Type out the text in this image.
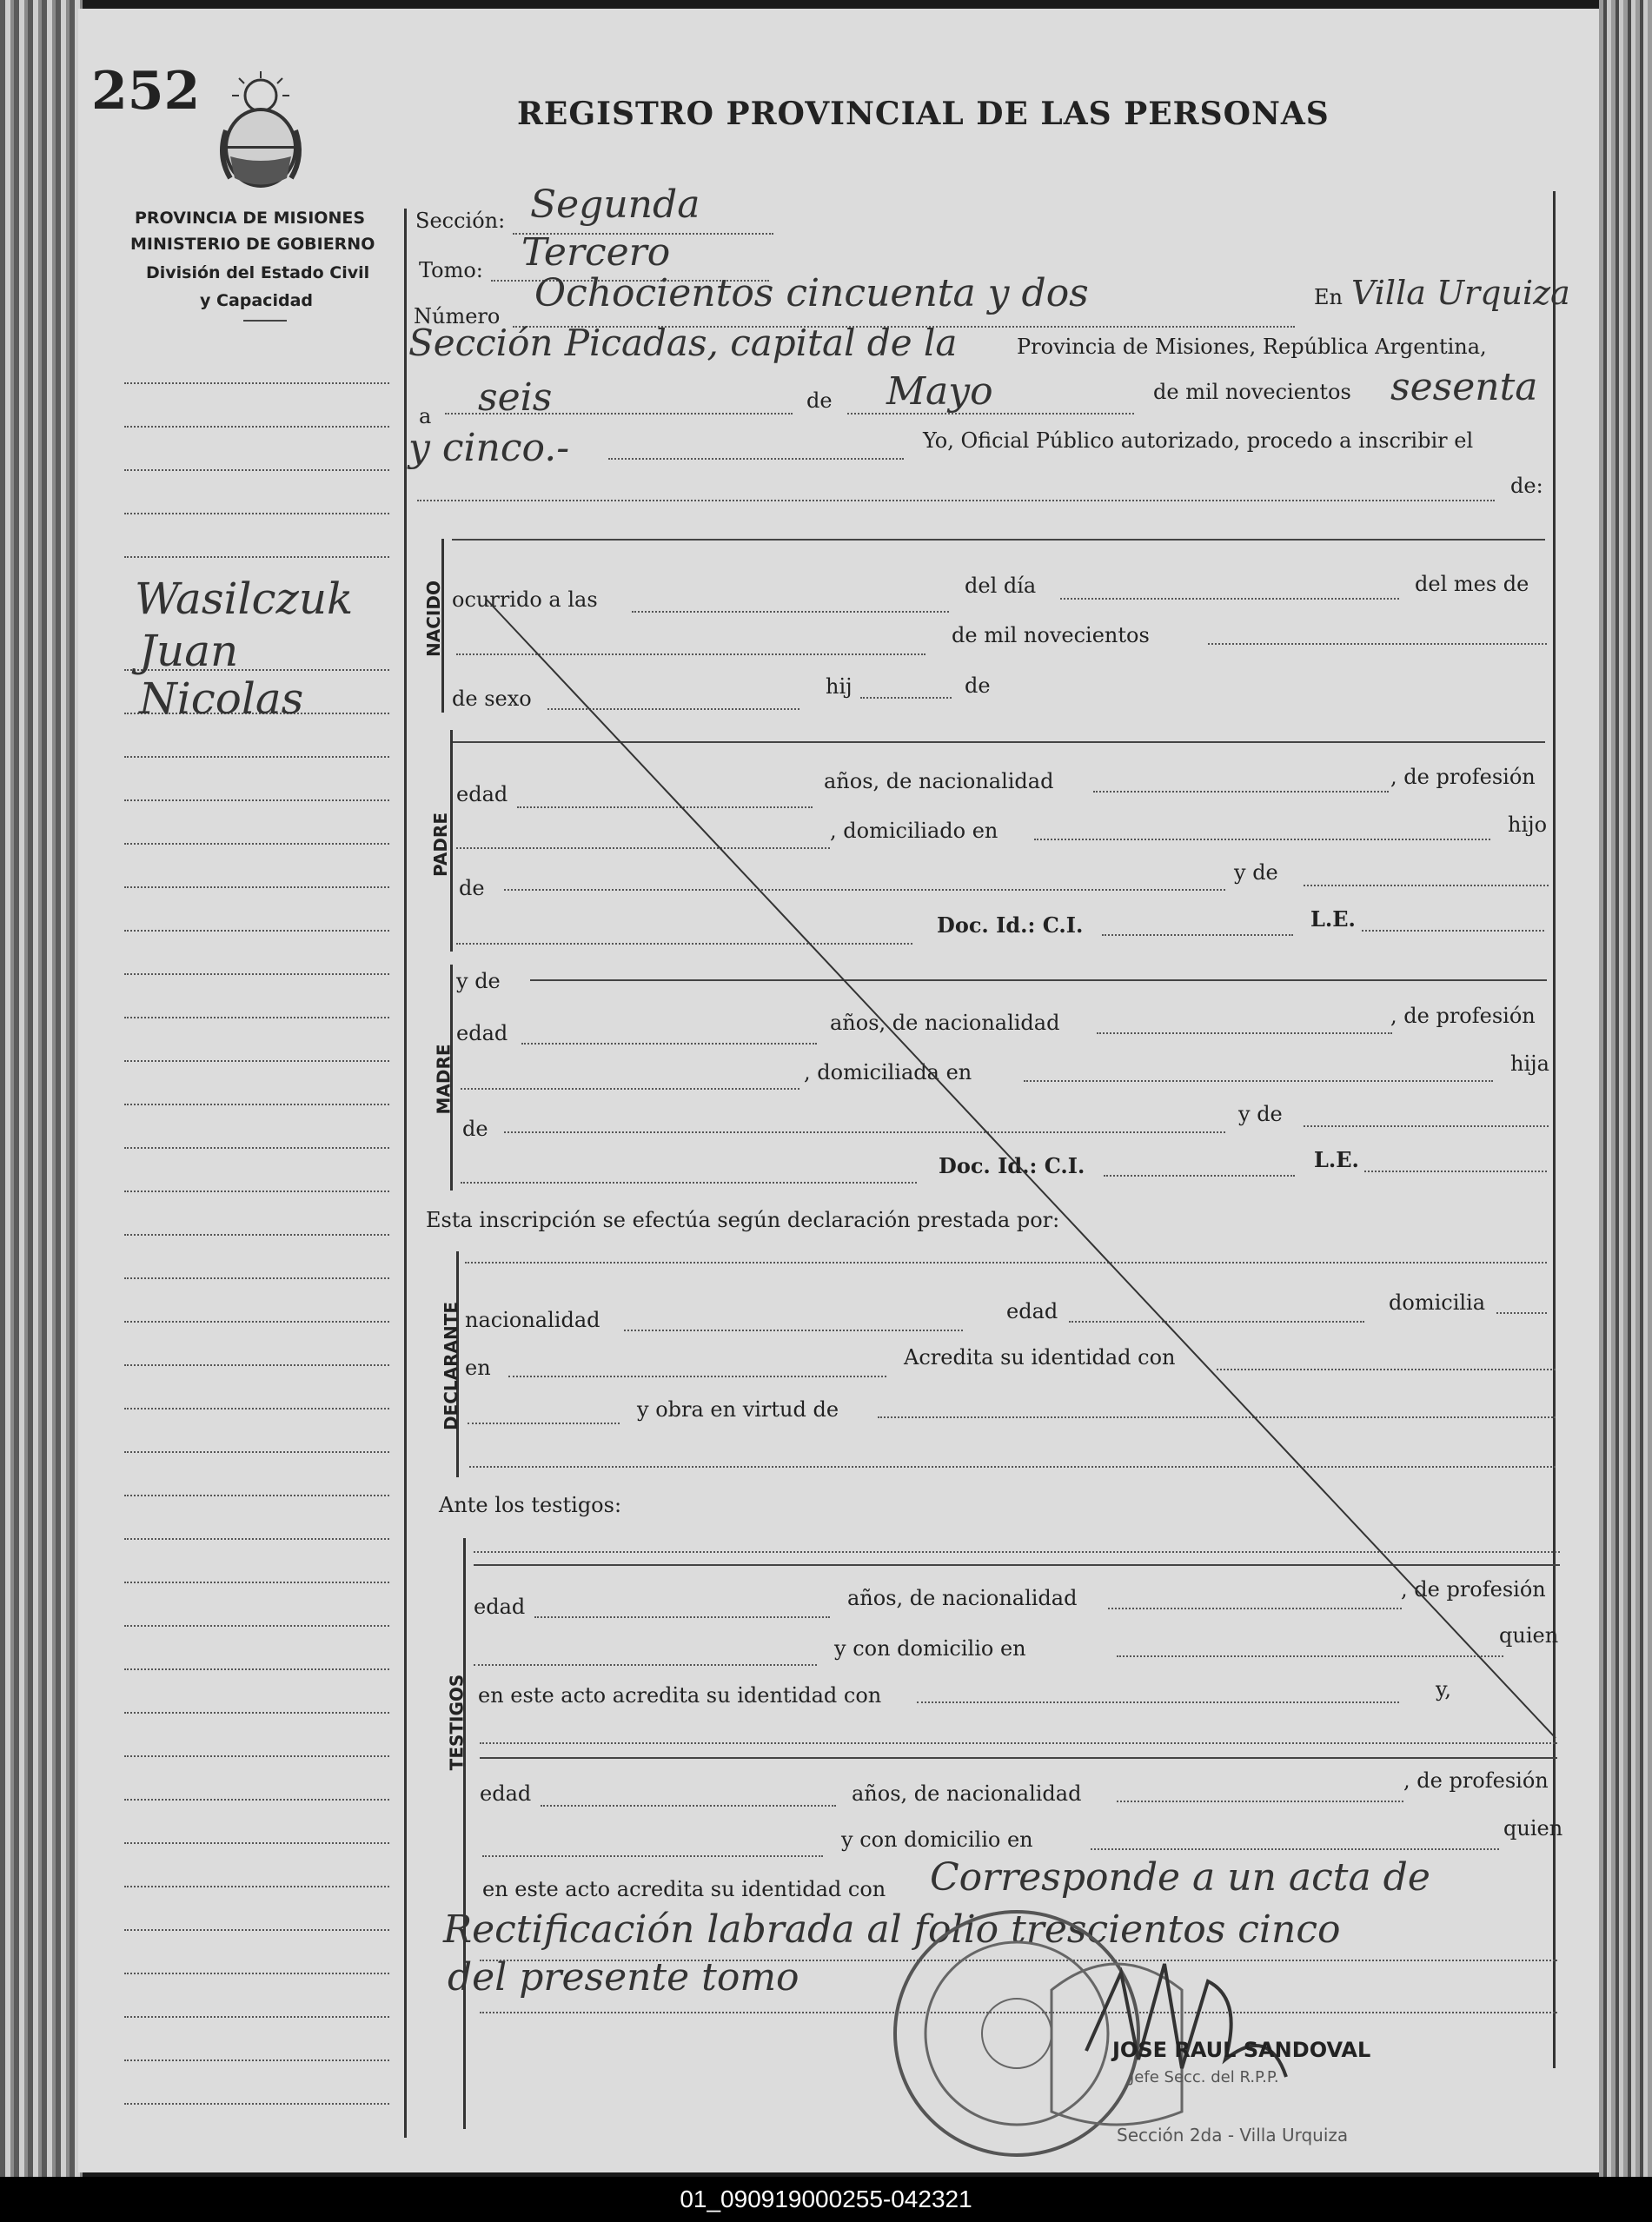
252	REGISTRO PROVINCIAL DE LAS PERSONAS
PROVINCIA DE MISIONES
MINISTERIO DE GOBIERNO
División del Estado Civil
y Capacidad
Wasilczuk
Juan
Nicolas
Sección: Segunda
Tomo: Tercero
Número
Ochocientos cincuenta y dos	En Villa Urquiza
Sección Picadas, capital de la	Provincia de Misiones, República Argentina,
a seis	de Mayo	de mil novecientos sesenta
y cinco.-	Yo, Oficial Público autorizado, procedo a inscribir el
de:
NACIDO ocurrido a las
del día	del mes de
de mil novecientos
de sexo	hij	de
PADRE
edad
años, de nacionalidad	, de profesión
, domiciliado en	hijo
de
y de
Doc. Id.: C.I.	L.E.
MADRE
y de
edad	años, de nacionalidad	, de profesión
, domiciliada en	hija
de
y de
Doc. Id.: C.I.	L.E.
Esta inscripción se efectúa según declaración prestada por:
DECLARANTE nacionalidad	edad	domicilia
en	Acredita su identidad con
y obra en virtud de
Ante los testigos:
TESTIGOS
edad	años, de nacionalidad	, de profesión
y con domicilio en
quien
en este acto acredita su identidad con	y,
edad	años, de nacionalidad
, de profesión
y con domicilio en	quien
en este acto acredita su identidad con Corresponde a un acta de
Rectificación labrada al folio trescientos cinco
del presente tomo
JOSE RAUL SANDOVAL
Jefe Secc. del R.P.P.
Sección 2da - Villa Urquiza
01_090919000255-042321
